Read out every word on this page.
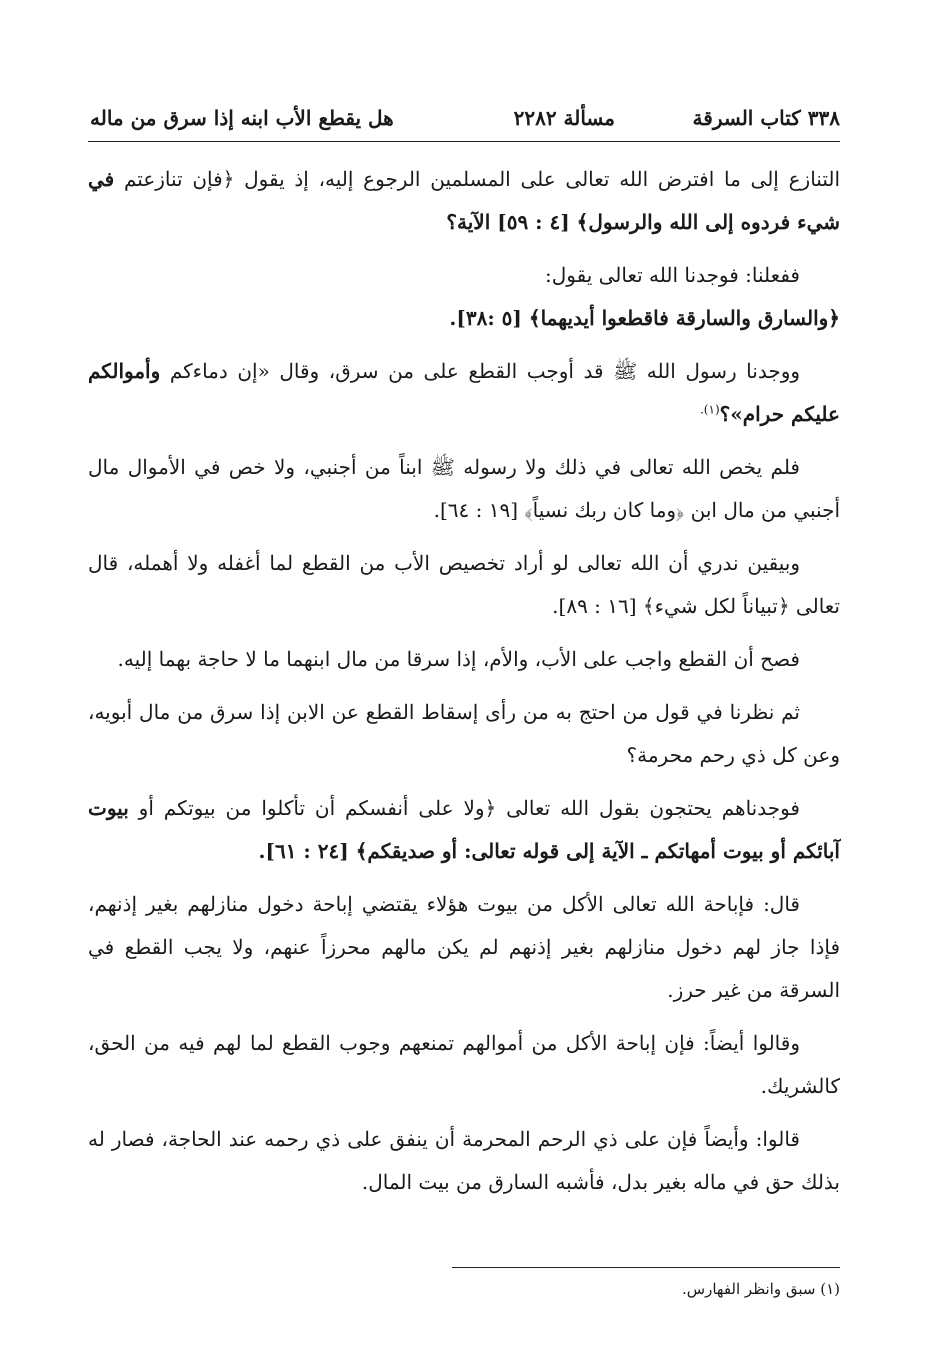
٣٣٨ كتاب السرقة
مسألة ٢٢٨٢
هل يقطع الأب ابنه إذا سرق من ماله

التنازع إلى ما افترض الله تعالى على المسلمين الرجوع إليه، إذ يقول ﴿فإن تنازعتم في شيء فردوه إلى الله والرسول﴾ [٤ : ٥٩] الآية؟

ففعلنا: فوجدنا الله تعالى يقول:
﴿والسارق والسارقة فاقطعوا أيديهما﴾ [٥ :٣٨].

ووجدنا رسول الله ﷺ قد أوجب القطع على من سرق، وقال «إن دماءكم وأموالكم عليكم حرام»؟$^{(١).}$

فلم يخص الله تعالى في ذلك ولا رسوله ﷺ ابناً من أجنبي، ولا خص في الأموال مال أجنبي من مال ابن ﴿وما كان ربك نسياً﴾ [١٩ : ٦٤].

وبيقين ندري أن الله تعالى لو أراد تخصيص الأب من القطع لما أغفله ولا أهمله، قال تعالى ﴿تبياناً لكل شيء﴾ [١٦ : ٨٩].

فصح أن القطع واجب على الأب، والأم، إذا سرقا من مال ابنهما ما لا حاجة بهما إليه.

ثم نظرنا في قول من احتج به من رأى إسقاط القطع عن الابن إذا سرق من مال أبويه، وعن كل ذي رحم محرمة؟

فوجدناهم يحتجون بقول الله تعالى ﴿ولا على أنفسكم أن تأكلوا من بيوتكم أو بيوت آبائكم أو بيوت أمهاتكم ـ الآية إلى قوله تعالى: أو صديقكم﴾ [٢٤ : ٦١].

قال: فإباحة الله تعالى الأكل من بيوت هؤلاء يقتضي إباحة دخول منازلهم بغير إذنهم، فإذا جاز لهم دخول منازلهم بغير إذنهم لم يكن مالهم محرزاً عنهم، ولا يجب القطع في السرقة من غير حرز.

وقالوا أيضاً: فإن إباحة الأكل من أموالهم تمنعهم وجوب القطع لما لهم فيه من الحق، كالشريك.

قالوا: وأيضاً فإن على ذي الرحم المحرمة أن ينفق على ذي رحمه عند الحاجة، فصار له بذلك حق في ماله بغير بدل، فأشبه السارق من بيت المال.

(١) سبق وانظر الفهارس.
